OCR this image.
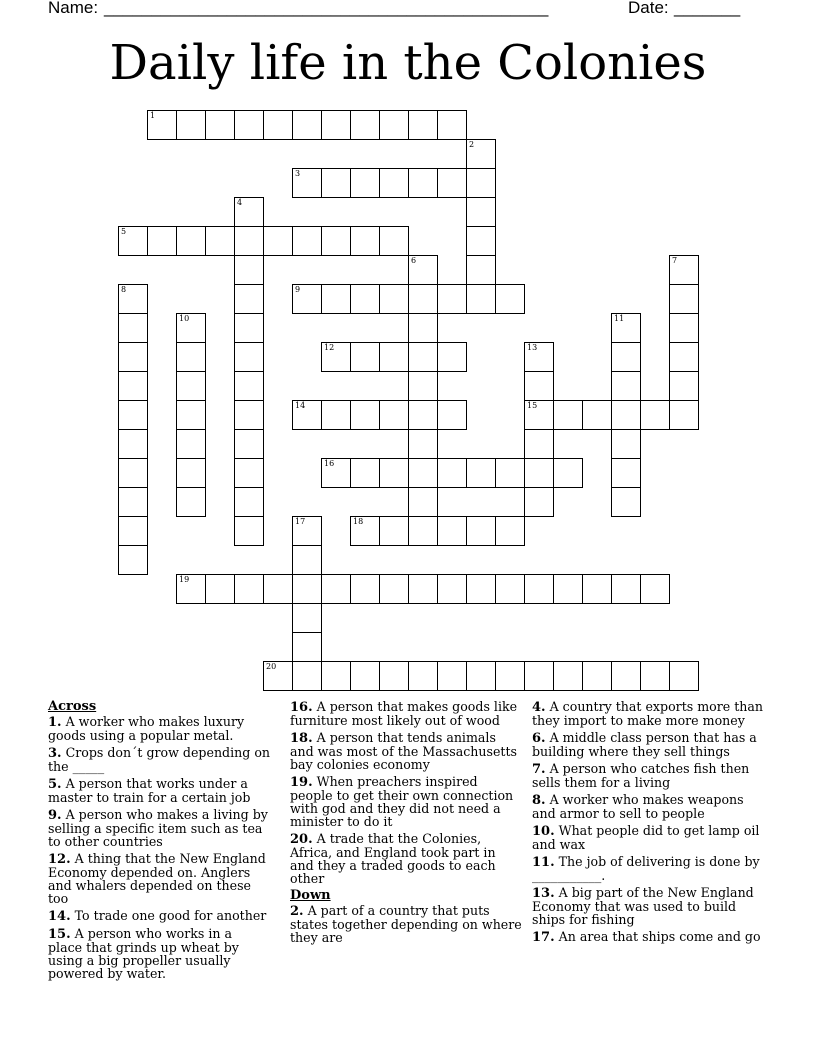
Name: _______________________________________________	Date: _______
Daily life in the Colonies
1
2
3
4
5
6	7
8	9
10	11
12	13
15
14
16
17	18
19
20
Across
1. A worker who makes luxury goods using a popular metal.
3. Crops don´t grow depending on the _____
5. A person that works under a master to train for a certain job
9. A person who makes a living by selling a specific item such as tea to other countries
12. A thing that the New England Economy depended on. Anglers and whalers depended on these too
14. To trade one good for another
15. A person who works in a place that grinds up wheat by using a big propeller usually powered by water.
16. A person that makes goods like furniture most likely out of wood
18. A person that tends animals and was most of the Massachusetts bay colonies economy
19. When preachers inspired people to get their own connection with god and they did not need a minister to do it
20. A trade that the Colonies, Africa, and England took part in and they a traded goods to each other
Down
2. A part of a country that puts states together depending on where they are
4. A country that exports more than they import to make more money
6. A middle class person that has a building where they sell things
7. A person who catches fish then sells them for a living
8. A worker who makes weapons and armor to sell to people
10. What people did to get lamp oil and wax
11. The job of delivering is done by ___________.
13. A big part of the New England Economy that was used to build ships for fishing
17. An area that ships come and go
